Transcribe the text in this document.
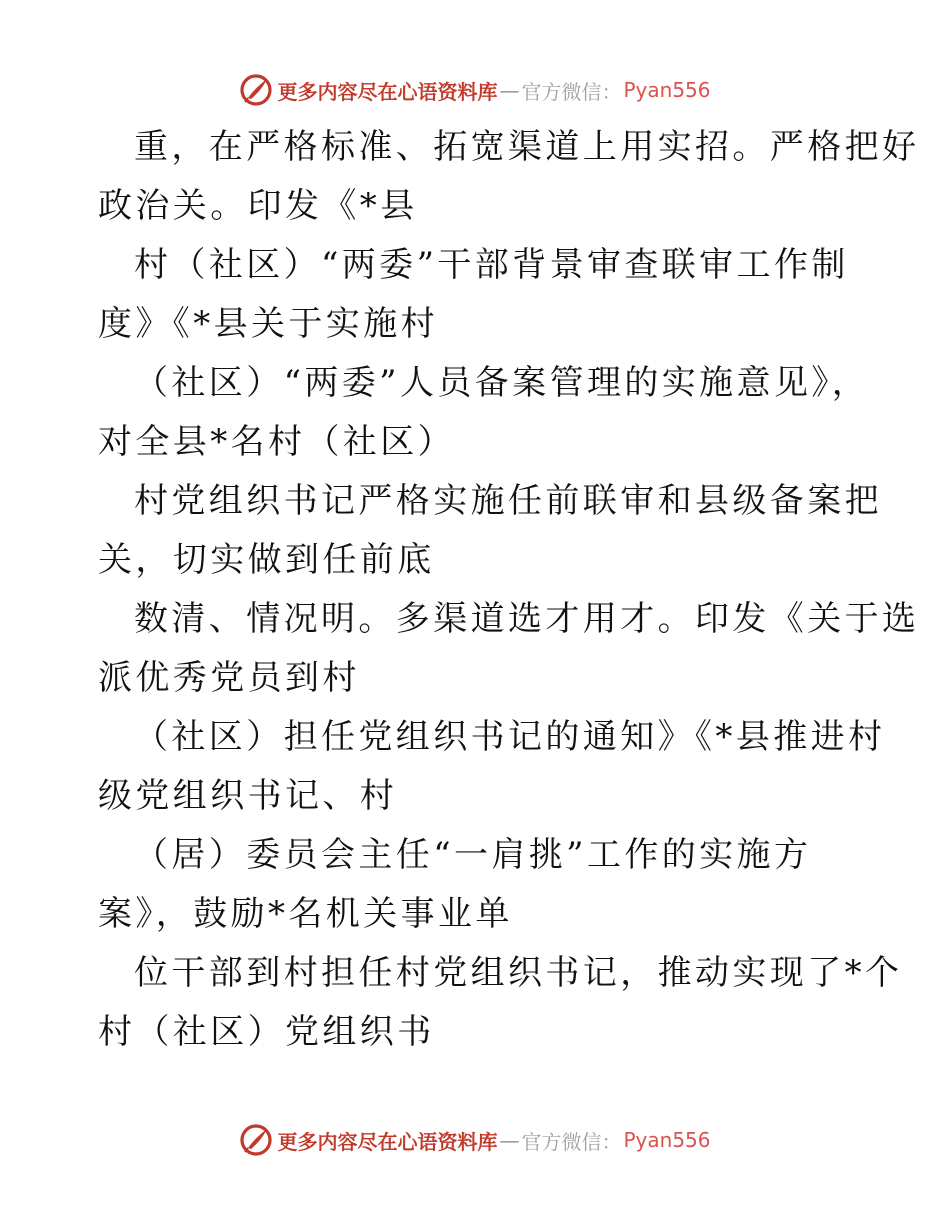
更多内容尽在心语资料库 — 官方微信： Pyan556
重，在严格标准、拓宽渠道上用实招。严格把好
政治关。印发《*县
村（社区）“两委”干部背景审查联审工作制
度》《*县关于实施村
（社区）“两委”人员备案管理的实施意见》，
对全县*名村（社区）
村党组织书记严格实施任前联审和县级备案把
关，切实做到任前底
数清、情况明。多渠道选才用才。印发《关于选
派优秀党员到村
（社区）担任党组织书记的通知》《*县推进村
级党组织书记、村
（居）委员会主任“一肩挑”工作的实施方
案》，鼓励*名机关事业单
位干部到村担任村党组织书记，推动实现了*个
村（社区）党组织书
更多内容尽在心语资料库 — 官方微信： Pyan556
